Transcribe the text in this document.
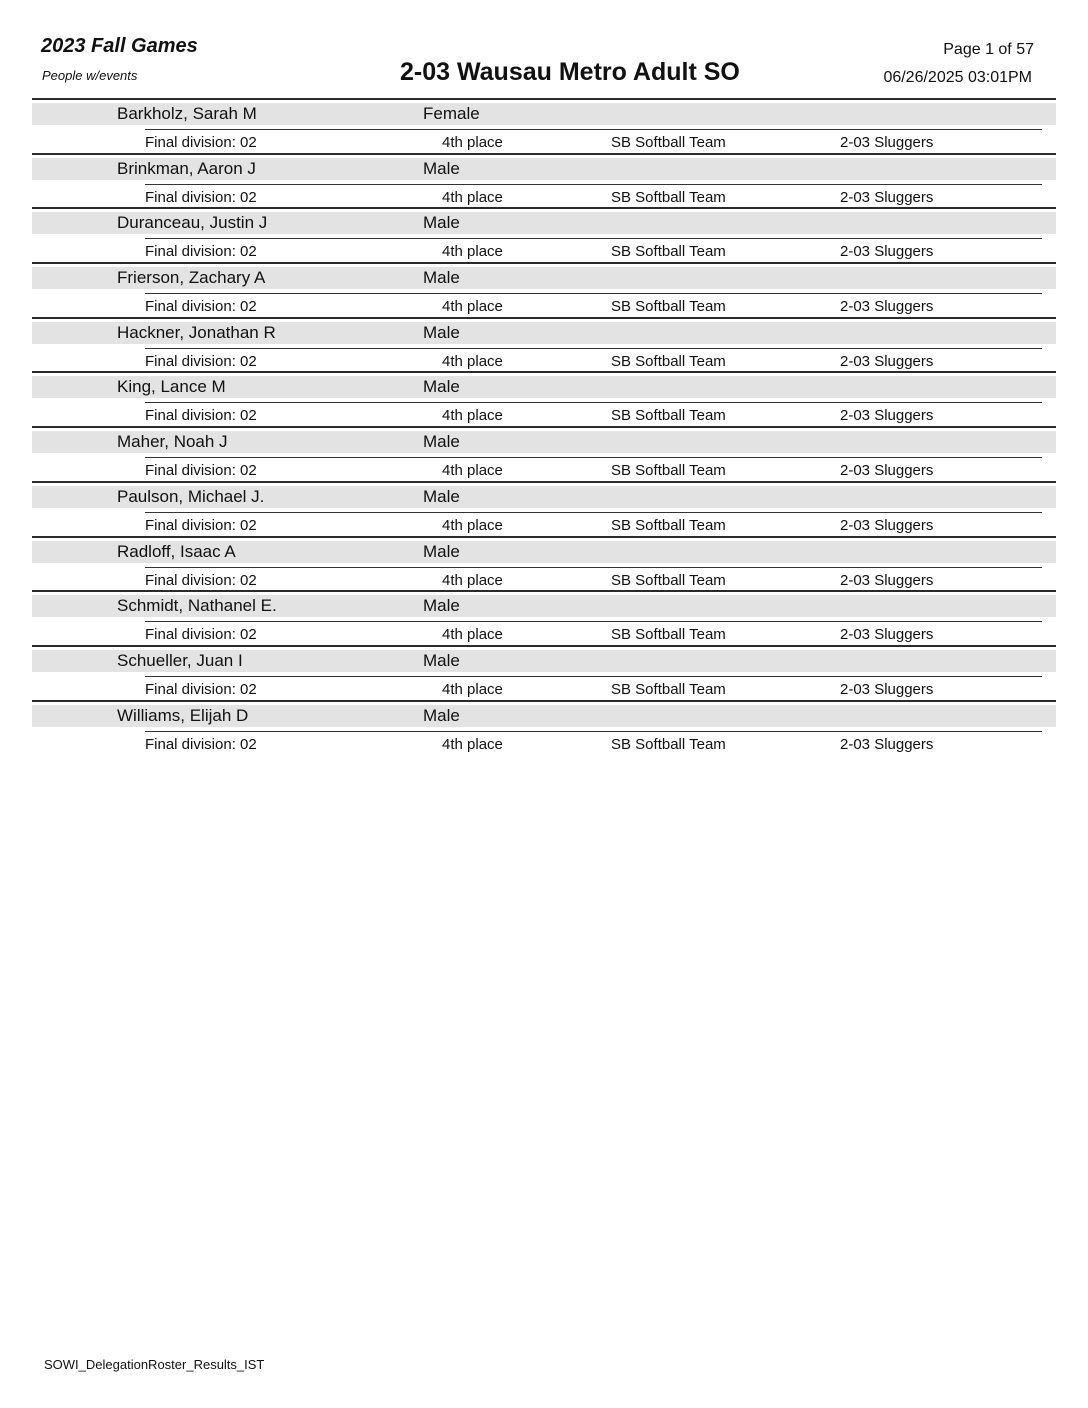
2023 Fall Games
People w/events	2-03 Wausau Metro Adult SO
Page 1 of 57
06/26/2025 03:01PM
Barkholz, Sarah M	Female
Final division: 02	4th place	SB Softball Team	2-03 Sluggers
Brinkman, Aaron J	Male
Final division: 02	4th place	SB Softball Team	2-03 Sluggers
Duranceau, Justin J	Male
Final division: 02	4th place	SB Softball Team	2-03 Sluggers
Frierson, Zachary A	Male
Final division: 02	4th place	SB Softball Team	2-03 Sluggers
Hackner, Jonathan R	Male
Final division: 02	4th place	SB Softball Team	2-03 Sluggers
King, Lance M	Male
Final division: 02	4th place	SB Softball Team	2-03 Sluggers
Maher, Noah J	Male
Final division: 02	4th place	SB Softball Team	2-03 Sluggers
Paulson, Michael J.	Male
Final division: 02	4th place	SB Softball Team	2-03 Sluggers
Radloff, Isaac A	Male
Final division: 02	4th place	SB Softball Team	2-03 Sluggers
Schmidt, Nathanel E.	Male
Final division: 02	4th place	SB Softball Team	2-03 Sluggers
Schueller, Juan I	Male
Final division: 02	4th place	SB Softball Team	2-03 Sluggers
Williams, Elijah D	Male
Final division: 02	4th place	SB Softball Team	2-03 Sluggers
SOWI_DelegationRoster_Results_IST
